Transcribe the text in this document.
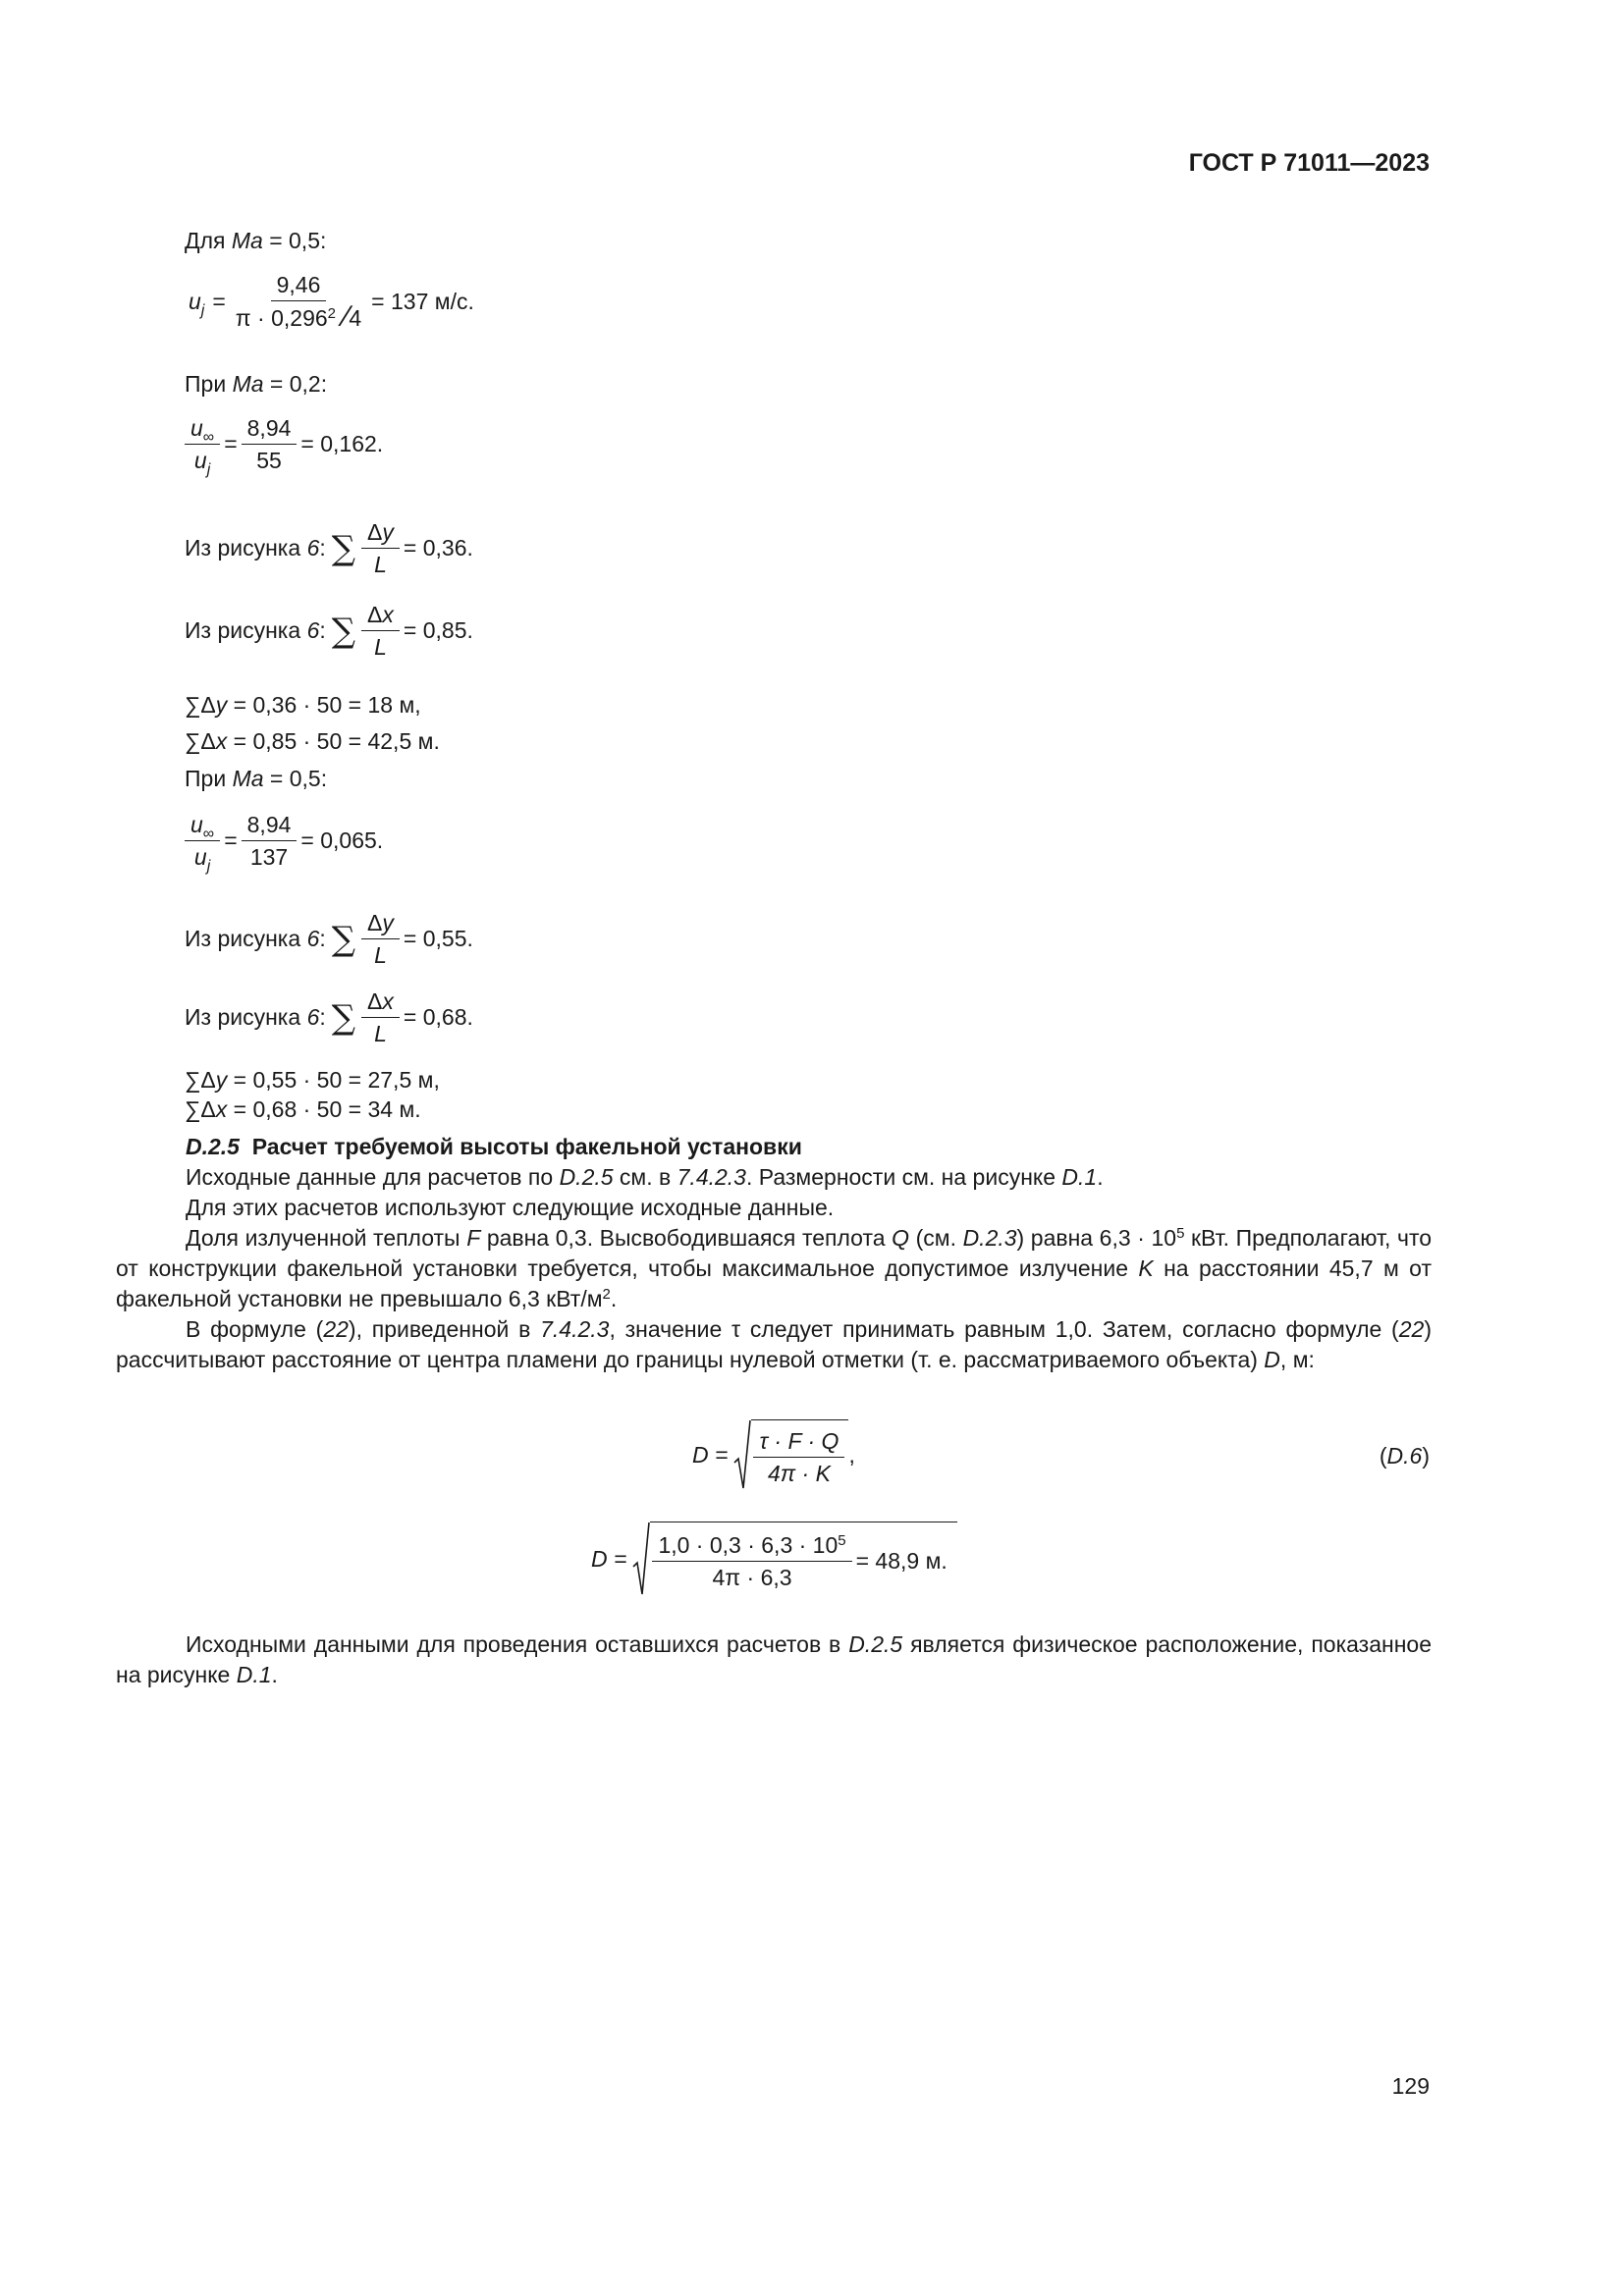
ГОСТ Р 71011—2023
Для Ma = 0,5:
$u_j = \frac{9,46}{\pi \cdot 0,296^2 ∕4} = 137$ м/с.
При Ma = 0,2:
$\frac{u_\infty}{u_j} = \frac{8,94}{55} = 0,162$.
Из рисунка
6 : ∑ $\frac{\Delta y}{L} = 0,36$.
Из рисунка
6 : ∑ $\frac{\Delta x}{L} = 0,85$.
∑Δy = 0,36 · 50 = 18 м,
∑Δx = 0,85 · 50 = 42,5 м.
При Ma = 0,5:
$\frac{u_\infty}{u_j} = \frac{8,94}{137} = 0,065$.
Из рисунка
6 : ∑ $\frac{\Delta y}{L} = 0,55$.
Из рисунка
6 : ∑ $\frac{\Delta x}{L} = 0,68$.
∑Δy = 0,55 · 50 = 27,5 м,
∑Δx = 0,68 · 50 = 34 м.

D.2.5 Расчет требуемой высоты факельной установки

Исходные данные для расчетов по D.2.5 см. в 7.4.2.3. Размерности см. на рисунке D.1.

Для этих расчетов используют следующие исходные данные.

Доля излученной теплоты F равна 0,3. Высвободившаяся теплота Q (см. D.2.3) равна $6,3 \cdot 10^5$ кВт. Предполагают, что от конструкции факельной установки требуется, чтобы максимальное допустимое излучение K на расстоянии 45,7 м от факельной установки не превышало 6,3 кВт/$м^2$.

В формуле (22), приведенной в 7.4.2.3, значение τ следует принимать равным 1,0. Затем, согласно формуле (22) рассчитывают расстояние от центра пламени до границы нулевой отметки (т. е. рассматриваемого объекта) D, м:

$D = \frac{\tau \cdot F \cdot Q}{4\pi \cdot K}$ ,	(D.6)
$D = \frac{1,0 \cdot 0,3 \cdot 6,3 \cdot 10^5}{4\pi \cdot 6,3} = 48,9$ м.

Исходными данными для проведения оставшихся расчетов в D.2.5 является физическое расположение, показанное на рисунке D.1.

129
